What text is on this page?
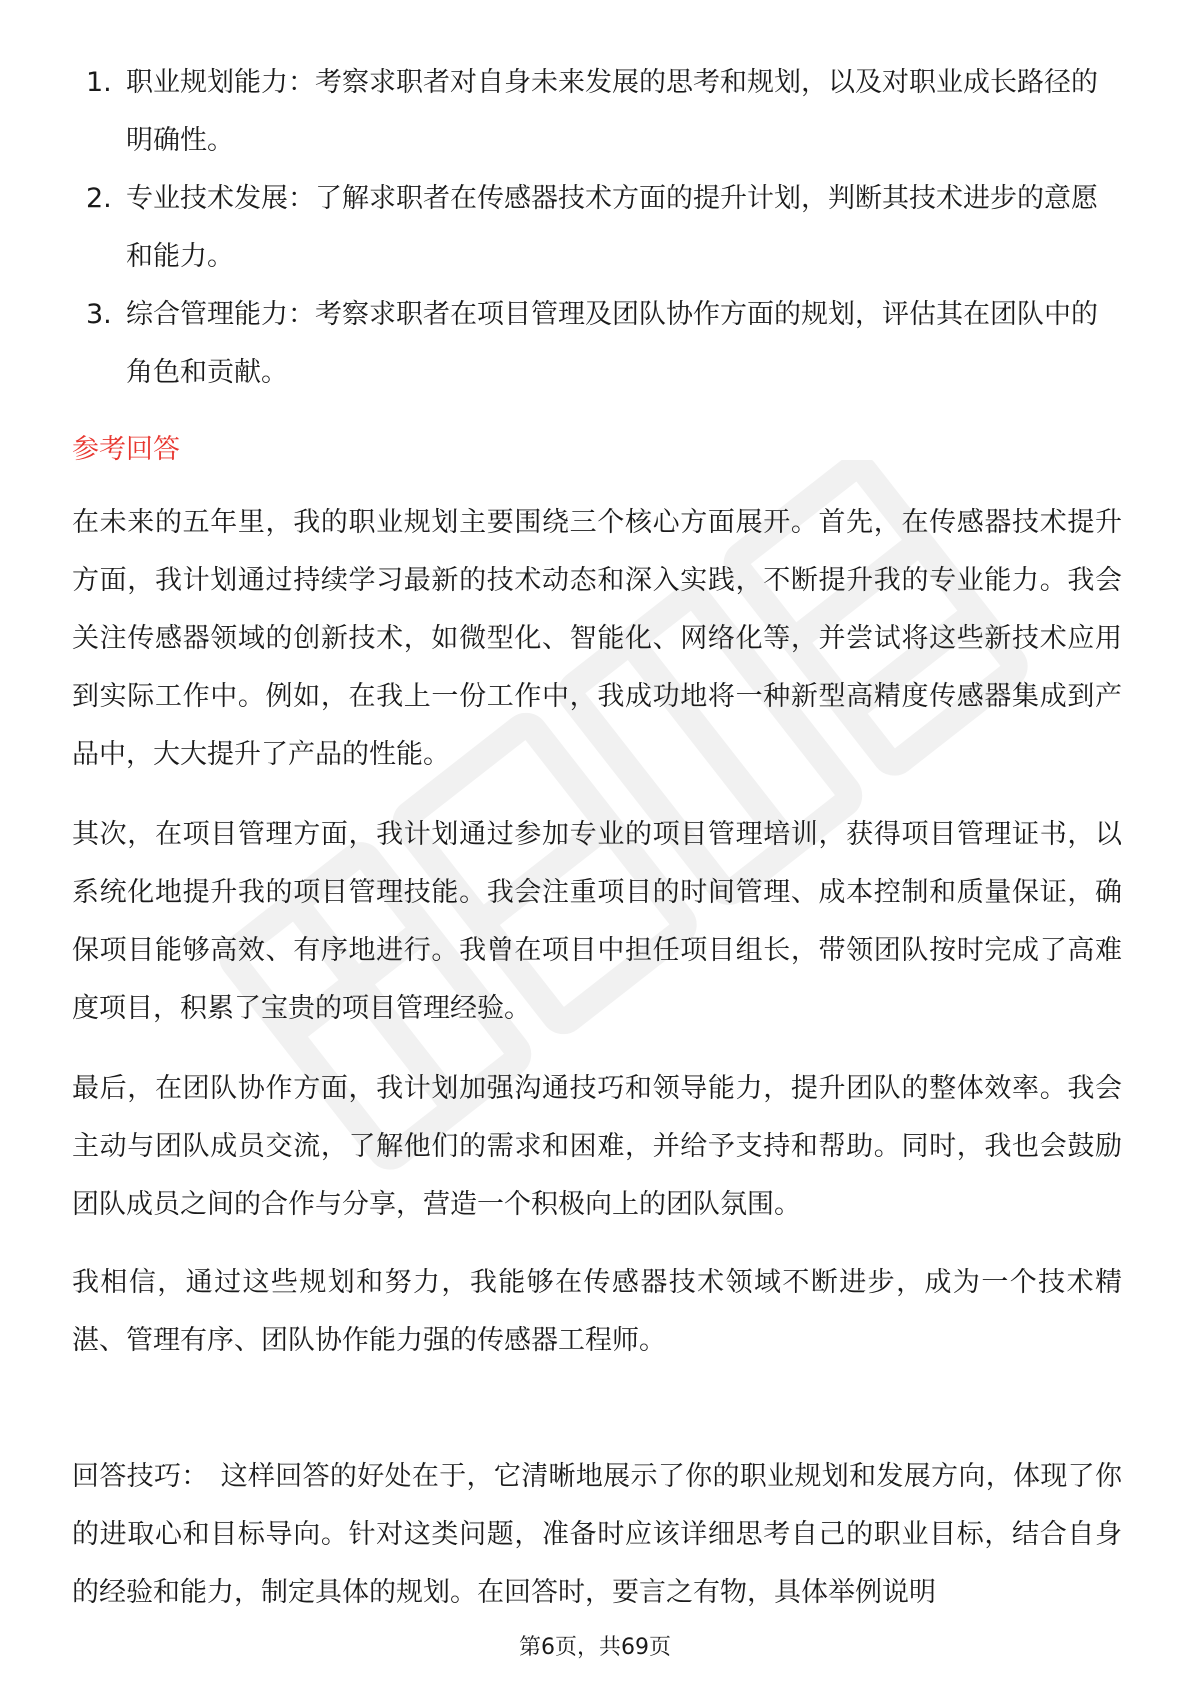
1. 职业规划能力：考察求职者对自身未来发展的思考和规划，以及对职业成长路径的明确性。
2. 专业技术发展：了解求职者在传感器技术方面的提升计划，判断其技术进步的意愿和能力。
3. 综合管理能力：考察求职者在项目管理及团队协作方面的规划，评估其在团队中的角色和贡献。
参考回答

在未来的五年里，我的职业规划主要围绕三个核心方面展开。首先，在传感器技术提升方面，我计划通过持续学习最新的技术动态和深入实践，不断提升我的专业能力。我会关注传感器领域的创新技术，如微型化、智能化、网络化等，并尝试将这些新技术应用到实际工作中。例如，在我上一份工作中，我成功地将一种新型高精度传感器集成到产品中，大大提升了产品的性能。

其次，在项目管理方面，我计划通过参加专业的项目管理培训，获得项目管理证书，以系统化地提升我的项目管理技能。我会注重项目的时间管理、成本控制和质量保证，确保项目能够高效、有序地进行。我曾在项目中担任项目组长，带领团队按时完成了高难度项目，积累了宝贵的项目管理经验。

最后，在团队协作方面，我计划加强沟通技巧和领导能力，提升团队的整体效率。我会主动与团队成员交流，了解他们的需求和困难，并给予支持和帮助。同时，我也会鼓励团队成员之间的合作与分享，营造一个积极向上的团队氛围。

我相信，通过这些规划和努力，我能够在传感器技术领域不断进步，成为一个技术精湛、管理有序、团队协作能力强的传感器工程师。

回答技巧： 这样回答的好处在于，它清晰地展示了你的职业规划和发展方向，体现了你的进取心和目标导向。针对这类问题，准备时应该详细思考自己的职业目标，结合自身的经验和能力，制定具体的规划。在回答时，要言之有物，具体举例说明

第6页，共69页
